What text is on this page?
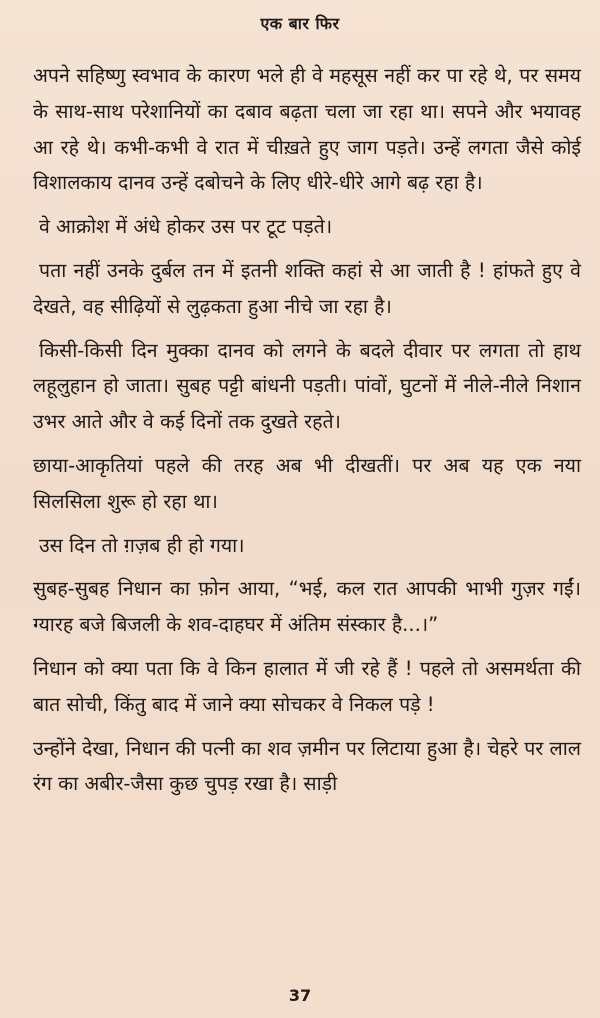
एक बार फिर

अपने सहिष्णु स्वभाव के कारण भले ही वे महसूस नहीं कर पा रहे थे, पर समय के साथ-साथ परेशानियों का दबाव बढ़ता चला जा रहा था। सपने और भयावह आ रहे थे। कभी-कभी वे रात में चीख़ते हुए जाग पड़ते। उन्हें लगता जैसे कोई विशालकाय दानव उन्हें दबोचने के लिए धीरे-धीरे आगे बढ़ रहा है।

वे आक्रोश में अंधे होकर उस पर टूट पड़ते।

पता नहीं उनके दुर्बल तन में इतनी शक्ति कहां से आ जाती है ! हांफते हुए वे देखते, वह सीढ़ियों से लुढ़कता हुआ नीचे जा रहा है।

किसी-किसी दिन मुक्का दानव को लगने के बदले दीवार पर लगता तो हाथ लहूलुहान हो जाता। सुबह पट्टी बांधनी पड़ती। पांवों, घुटनों में नीले-नीले निशान उभर आते और वे कई दिनों तक दुखते रहते।

छाया-आकृतियां पहले की तरह अब भी दीखतीं। पर अब यह एक नया सिलसिला शुरू हो रहा था।

उस दिन तो ग़ज़ब ही हो गया।

सुबह-सुबह निधान का फ़ोन आया, “भई, कल रात आपकी भाभी गुज़र गईं। ग्यारह बजे बिजली के शव-दाहघर में अंतिम संस्कार है...।”

निधान को क्या पता कि वे किन हालात में जी रहे हैं ! पहले तो असमर्थता की बात सोची, किंतु बाद में जाने क्या सोचकर वे निकल पड़े !

उन्होंने देखा, निधान की पत्नी का शव ज़मीन पर लिटाया हुआ है। चेहरे पर लाल रंग का अबीर-जैसा कुछ चुपड़ रखा है। साड़ी

37
